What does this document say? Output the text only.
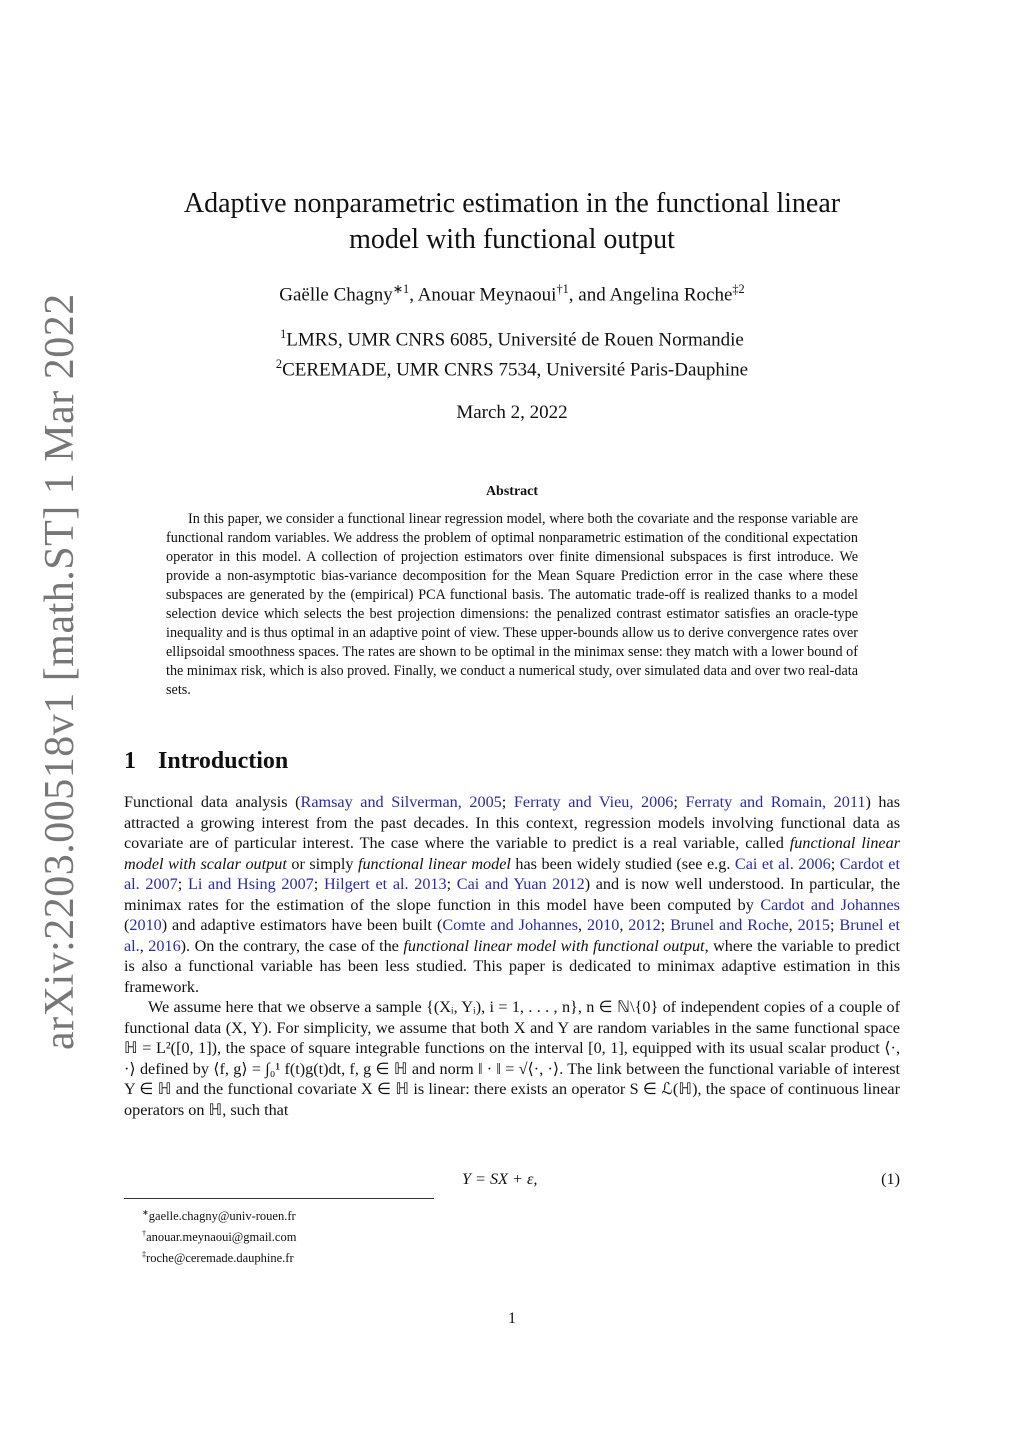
arXiv:2203.00518v1 [math.ST] 1 Mar 2022
Adaptive nonparametric estimation in the functional linear
model with functional output
Gaëlle Chagny$^{∗1}$, Anouar Meynaoui$^{\dagger 1}$, and Angelina Roche$^{\ddagger 2}$
$^1$LMRS, UMR CNRS 6085, Université de Rouen Normandie
$^2$CEREMADE, UMR CNRS 7534, Université Paris-Dauphine
March 2, 2022
Abstract

In this paper, we consider a functional linear regression model, where both the covariate and the response variable are functional random variables. We address the problem of optimal nonparametric estimation of the conditional expectation operator in this model. A collection of projection estimators over finite dimensional subspaces is first introduce. We provide a non-asymptotic bias-variance decomposition for the Mean Square Prediction error in the case where these subspaces are generated by the (empirical) PCA functional basis. The automatic trade-off is realized thanks to a model selection device which selects the best projection dimensions: the penalized contrast estimator satisfies an oracle-type inequality and is thus optimal in an adaptive point of view. These upper-bounds allow us to derive convergence rates over ellipsoidal smoothness spaces. The rates are shown to be optimal in the minimax sense: they match with a lower bound of the minimax risk, which is also proved. Finally, we conduct a numerical study, over simulated data and over two real-data sets.

1 Introduction

Functional data analysis (Ramsay and Silverman, 2005; Ferraty and Vieu, 2006; Ferraty and Romain, 2011) has attracted a growing interest from the past decades. In this context, regression models involving functional data as covariate are of particular interest. The case where the variable to predict is a real variable, called functional linear model with scalar output or simply functional linear model has been widely studied (see e.g. Cai et al. 2006; Cardot et al. 2007; Li and Hsing 2007; Hilgert et al. 2013; Cai and Yuan 2012) and is now well understood. In particular, the minimax rates for the estimation of the slope function in this model have been computed by Cardot and Johannes (2010) and adaptive estimators have been built (Comte and Johannes, 2010, 2012; Brunel and Roche, 2015; Brunel et al., 2016). On the contrary, the case of the functional linear model with functional output, where the variable to predict is also a functional variable has been less studied. This paper is dedicated to minimax adaptive estimation in this framework.

We assume here that we observe a sample {(Xᵢ, Yᵢ), i = 1, . . . , n}, n ∈ ℕ\{0} of independent copies of a couple of functional data (X, Y). For simplicity, we assume that both X and Y are random variables in the same functional space ℍ = L²([0, 1]), the space of square integrable functions on the interval [0, 1], equipped with its usual scalar product ⟨·, ·⟩ defined by ⟨f, g⟩ = ∫₀¹ f(t)g(t)dt, f, g ∈ ℍ and norm ‖ · ‖ = √⟨·, ·⟩. The link between the functional variable of interest Y ∈ ℍ and the functional covariate X ∈ ℍ is linear: there exists an operator S ∈ ℒ(ℍ), the space of continuous linear operators on ℍ, such that

Y = SX + ε,	(1)
∗gaelle.chagny@univ-rouen.fr
†anouar.meynaoui@gmail.com
‡roche@ceremade.dauphine.fr
1
